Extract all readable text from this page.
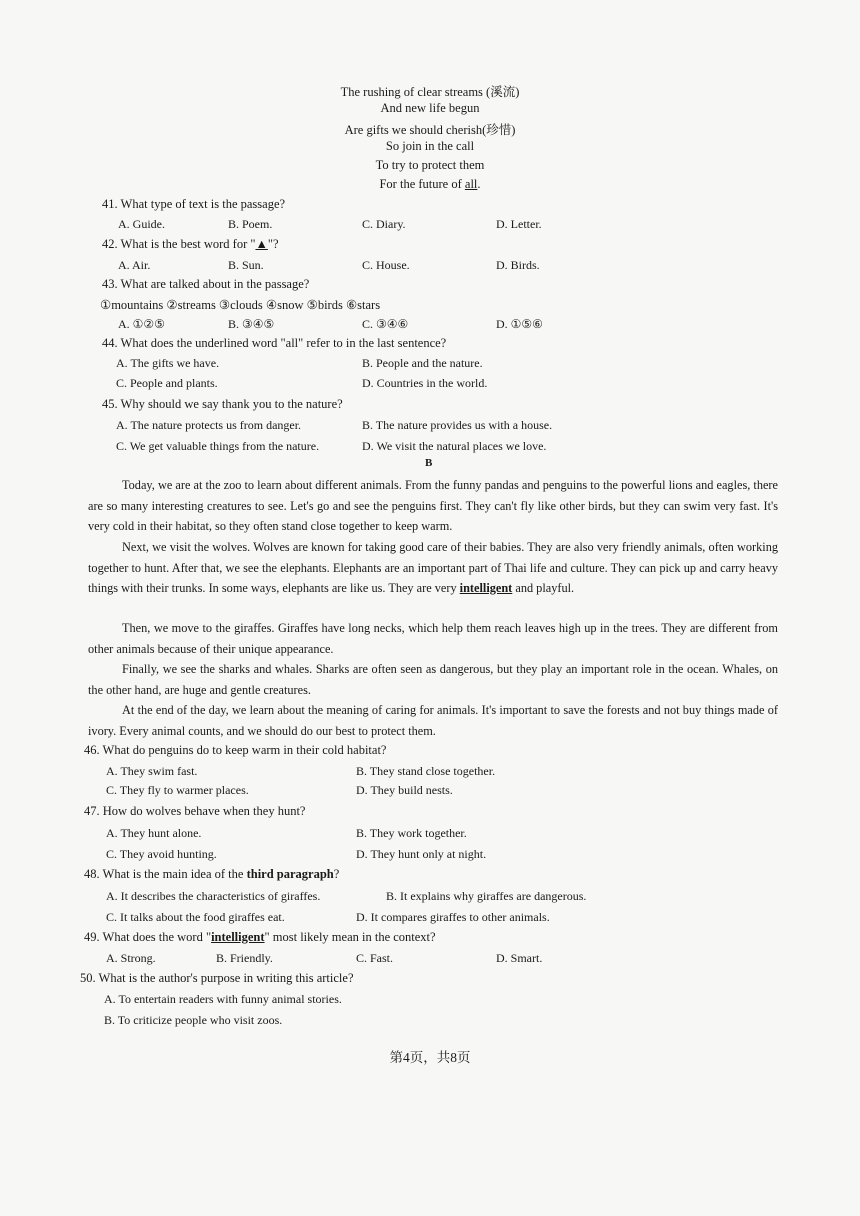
The rushing of clear streams (溪流)
And new life begun
Are gifts we should cherish(珍惜)
So join in the call
To try to protect them
For the future of all.
41. What type of text is the passage?
A. Guide.	B. Poem.	C. Diary.	D. Letter.
42. What is the best word for "▲"?
A. Air.	B. Sun.	C. House.	D. Birds.
43. What are talked about in the passage?
①mountains ②streams ③clouds ④snow ⑤birds ⑥stars
A. ①②⑤	B. ③④⑤	C. ③④⑥	D. ①⑤⑥
44. What does the underlined word "all" refer to in the last sentence?
A. The gifts we have.	B. People and the nature.
C. People and plants.	D. Countries in the world.
45. Why should we say thank you to the nature?
A. The nature protects us from danger.	B. The nature provides us with a house.
C. We get valuable things from the nature.	D. We visit the natural places we love.
B
Today, we are at the zoo to learn about different animals. From the funny pandas and penguins to the powerful lions and eagles, there are so many interesting creatures to see. Let's go and see the penguins first. They can't fly like other birds, but they can swim very fast. It's very cold in their habitat, so they often stand close together to keep warm.
Next, we visit the wolves. Wolves are known for taking good care of their babies. They are also very friendly animals, often working together to hunt. After that, we see the elephants. Elephants are an important part of Thai life and culture. They can pick up and carry heavy things with their trunks. In some ways, elephants are like us. They are very intelligent and playful.
Then, we move to the giraffes. Giraffes have long necks, which help them reach leaves high up in the trees. They are different from other animals because of their unique appearance.
Finally, we see the sharks and whales. Sharks are often seen as dangerous, but they play an important role in the ocean. Whales, on the other hand, are huge and gentle creatures.
At the end of the day, we learn about the meaning of caring for animals. It's important to save the forests and not buy things made of ivory. Every animal counts, and we should do our best to protect them.
46. What do penguins do to keep warm in their cold habitat?
A. They swim fast.	B. They stand close together.
C. They fly to warmer places.	D. They build nests.
47. How do wolves behave when they hunt?
A. They hunt alone.	B. They work together.
C. They avoid hunting.	D. They hunt only at night.
48. What is the main idea of the third paragraph?
A. It describes the characteristics of giraffes.	B. It explains why giraffes are dangerous.
C. It talks about the food giraffes eat.	D. It compares giraffes to other animals.
49. What does the word "intelligent" most likely mean in the context?
A. Strong.	B. Friendly.	C. Fast.	D. Smart.
50. What is the author's purpose in writing this article?
A. To entertain readers with funny animal stories.
B. To criticize people who visit zoos.
第4页，共8页
